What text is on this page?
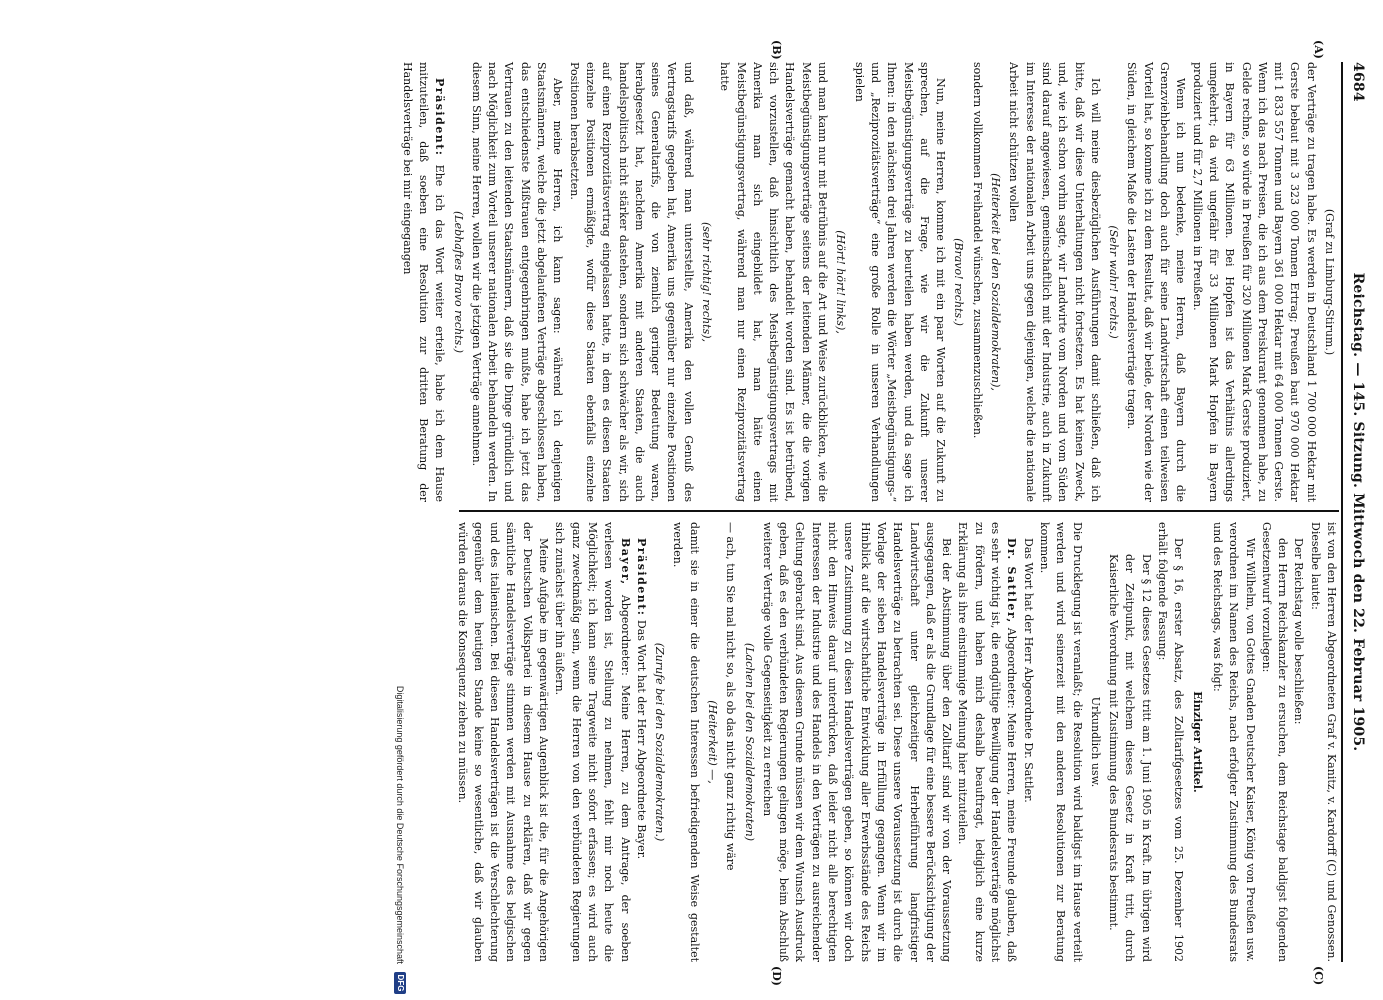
4684
Reichstag. — 145. Sitzung. Mittwoch den 22. Februar 1905.
(A)
(B)
(C)
(D)

(Graf zu Limburg-Stirum.)

der Verträge zu tragen habe. Es werden in Deutschland 1 700 000 Hektar mit Gerste bebaut mit 3 323 000 Tonnen Ertrag; Preußen baut 970 000 Hektar mit 1 833 557 Tonnen und Bayern 361 000 Hektar mit 64 000 Tonnen Gerste. Wenn ich das nach Preisen, die ich aus dem Preiskurant genommen habe, zu Gelde rechne, so würde in Preußen für 320 Millionen Mark Gerste produziert, in Bayern für 63 Millionen. Bei Hopfen ist das Verhältnis allerdings umgekehrt; da wird ungefähr für 33 Millionen Mark Hopfen in Bayern produziert und für 2,7 Millionen in Preußen.

Wenn ich nun bedenke, meine Herren, daß Bayern durch die Grenzviehbehandlung doch auch für seine Landwirtschaft einen teilweisen Vorteil hat, so komme ich zu dem Resultat, daß wir beide, der Norden wie der Süden, in gleichem Maße die Lasten der Handelsverträge tragen.

(Sehr wahr! rechts.)

Ich will meine diesbezüglichen Ausführungen damit schließen, daß ich bitte, daß wir diese Unterhaltungen nicht fortsetzen. Es hat keinen Zweck, und, wie ich schon vorhin sagte, wir Landwirte vom Norden und vom Süden sind darauf angewiesen, gemeinschaftlich mit der Industrie, auch in Zukunft im Interesse der nationalen Arbeit uns gegen diejenigen, welche die nationale Arbeit nicht schützen wollen

(Heiterkeit bei den Sozialdemokraten),

sondern vollkommen Freihandel wünschen, zusammenzuschließen.

(Bravo! rechts.)

Nun, meine Herren, komme ich mit ein paar Worten auf die Zukunft zu sprechen, auf die Frage, wie wir die Zukunft unserer Meistbegünstigungsverträge zu beurteilen haben werden, und da sage ich Ihnen: in den nächsten drei Jahren werden die Wörter „Meistbegünstigungs-“ und „Reziprozitätsverträge“ eine große Rolle in unseren Verhandlungen spielen

(Hört! hört! links),

und man kann nur mit Betrübnis auf die Art und Weise zurückblicken, wie die Meistbegünstigungsverträge seitens der leitenden Männer, die die vorigen Handelsverträge gemacht haben, behandelt worden sind. Es ist betrübend, sich vorzustellen, daß hinsichtlich des Meistbegünstigungsvertrags mit Amerika man sich eingebildet hat, man hätte einen Meistbegünstigungsvertrag, während man nur einen Reziprozitätsvertrag hatte

(sehr richtig! rechts),

und daß, während man unterstellte, Amerika den vollen Genuß des Vertragstarifs gegeben hat, Amerika uns gegenüber nur einzelne Positionen seines Generaltarifs, die von ziemlich geringer Bedeutung waren, herabgesetzt hat, nachdem Amerika mit anderen Staaten, die auch handelspolitisch nicht stärker dastehen, sondern sich schwächer als wir, sich auf einen Reziprozitätsvertrag eingelassen hatte, in dem es diesen Staaten einzelne Positionen ermäßigte, wofür diese Staaten ebenfalls einzelne Positionen herabsetzten.

Aber, meine Herren, ich kann sagen: während ich denjenigen Staatsmännern, welche die jetzt abgelaufenen Verträge abgeschlossen haben, das entschiedenste Mißtrauen entgegenbringen mußte, habe ich jetzt das Vertrauen zu den leitenden Staatsmännern, daß sie die Dinge gründlich und nach Möglichkeit zum Vorteil unserer nationalen Arbeit behandeln werden. In diesem Sinn, meine Herren, wollen wir die jetzigen Verträge annehmen.

(Lebhaftes Bravo rechts.)

Präsident: Ehe ich das Wort weiter erteile, habe ich dem Hause mitzuteilen, daß soeben eine Resolution zur dritten Beratung der Handelsverträge bei mir eingegangen

ist von den Herren Abgeordneten Graf v. Kanitz, v. Kardorff (C) und Genossen. Dieselbe lautet:

Der Reichstag wolle beschließen:

den Herrn Reichskanzler zu ersuchen, dem Reichstage baldigst folgenden Gesetzentwurf vorzulegen:

Wir Wilhelm, von Gottes Gnaden Deutscher Kaiser, König von Preußen usw. verordnen im Namen des Reichs, nach erfolgter Zustimmung des Bundesrats und des Reichstags, was folgt:

Einziger Artikel.

Der § 16, erster Absatz, des Zolltarifgesetzes vom 25. Dezember 1902 erhält folgende Fassung:

Der § 12 dieses Gesetzes tritt am 1. Juni 1905 in Kraft. Im übrigen wird der Zeitpunkt, mit welchem dieses Gesetz in Kraft tritt, durch Kaiserliche Verordnung mit Zustimmung des Bundesrats bestimmt.

Urkundlich usw.

Die Drucklegung ist veranlaßt; die Resolution wird baldigst im Hause verteilt werden und wird seinerzeit mit den anderen Resolutionen zur Beratung kommen.

Das Wort hat der Herr Abgeordnete Dr. Sattler.

Dr. Sattler, Abgeordneter: Meine Herren, meine Freunde glauben, daß es sehr wichtig ist, die endgültige Bewilligung der Handelsverträge möglichst zu fördern, und haben mich deshalb beauftragt, lediglich eine kurze Erklärung als ihre einstimmige Meinung hier mitzuteilen.

Bei der Abstimmung über den Zolltarif sind wir von der Voraussetzung ausgegangen, daß er als die Grundlage für eine bessere Berücksichtigung der Landwirtschaft unter gleichzeitiger Herbeiführung langfristiger Handelsverträge zu betrachten sei. Diese unsere Voraussetzung ist durch die Vorlage der sieben Handelsverträge in Erfüllung gegangen. Wenn wir im Hinblick auf die wirtschaftliche Entwicklung aller Erwerbsstände des Reichs unsere Zustimmung zu diesen Handelsverträgen geben, so können wir doch nicht den Hinweis darauf unterdrücken, daß leider nicht alle berechtigten Interessen der Industrie und des Handels in den Verträgen zu ausreichender Geltung gebracht sind. Aus diesem Grunde müssen wir dem Wunsch Ausdruck geben, daß es den verbündeten Regierungen gelingen möge, beim Abschluß weiterer Verträge volle Gegenseitigkeit zu erreichen

(Lachen bei den Sozialdemokraten)

— ach, tun Sie mal nicht so, als ob das nicht ganz richtig wäre

(Heiterkeit) —,

damit sie in einer die deutschen Interessen befriedigenden Weise gestaltet werden.

(Zurufe bei den Sozialdemokraten.)

Präsident: Das Wort hat der Herr Abgeordnete Bayer.

Bayer, Abgeordneter: Meine Herren, zu dem Antrage, der soeben verlesen worden ist, Stellung zu nehmen, fehlt mir noch heute die Möglichkeit; ich kann seine Tragweite nicht sofort erfassen; es wird auch ganz zweckmäßig sein, wenn die Herren von den verbündeten Regierungen sich zunächst über ihn äußern.

Meine Aufgabe im gegenwärtigen Augenblick ist die, für die Angehörigen der Deutschen Volkspartei in diesem Hause zu erklären, daß wir gegen sämtliche Handelsverträge stimmen werden mit Ausnahme des belgischen und des italienischen. Bei diesen Handelsverträgen ist die Verschlechterung gegenüber dem heutigen Stande keine so wesentliche, daß wir glauben würden daraus die Konsequenz ziehen zu müssen.

Digitalisierung gefördert durch die Deutsche Forschungsgemeinschaft
DFG
